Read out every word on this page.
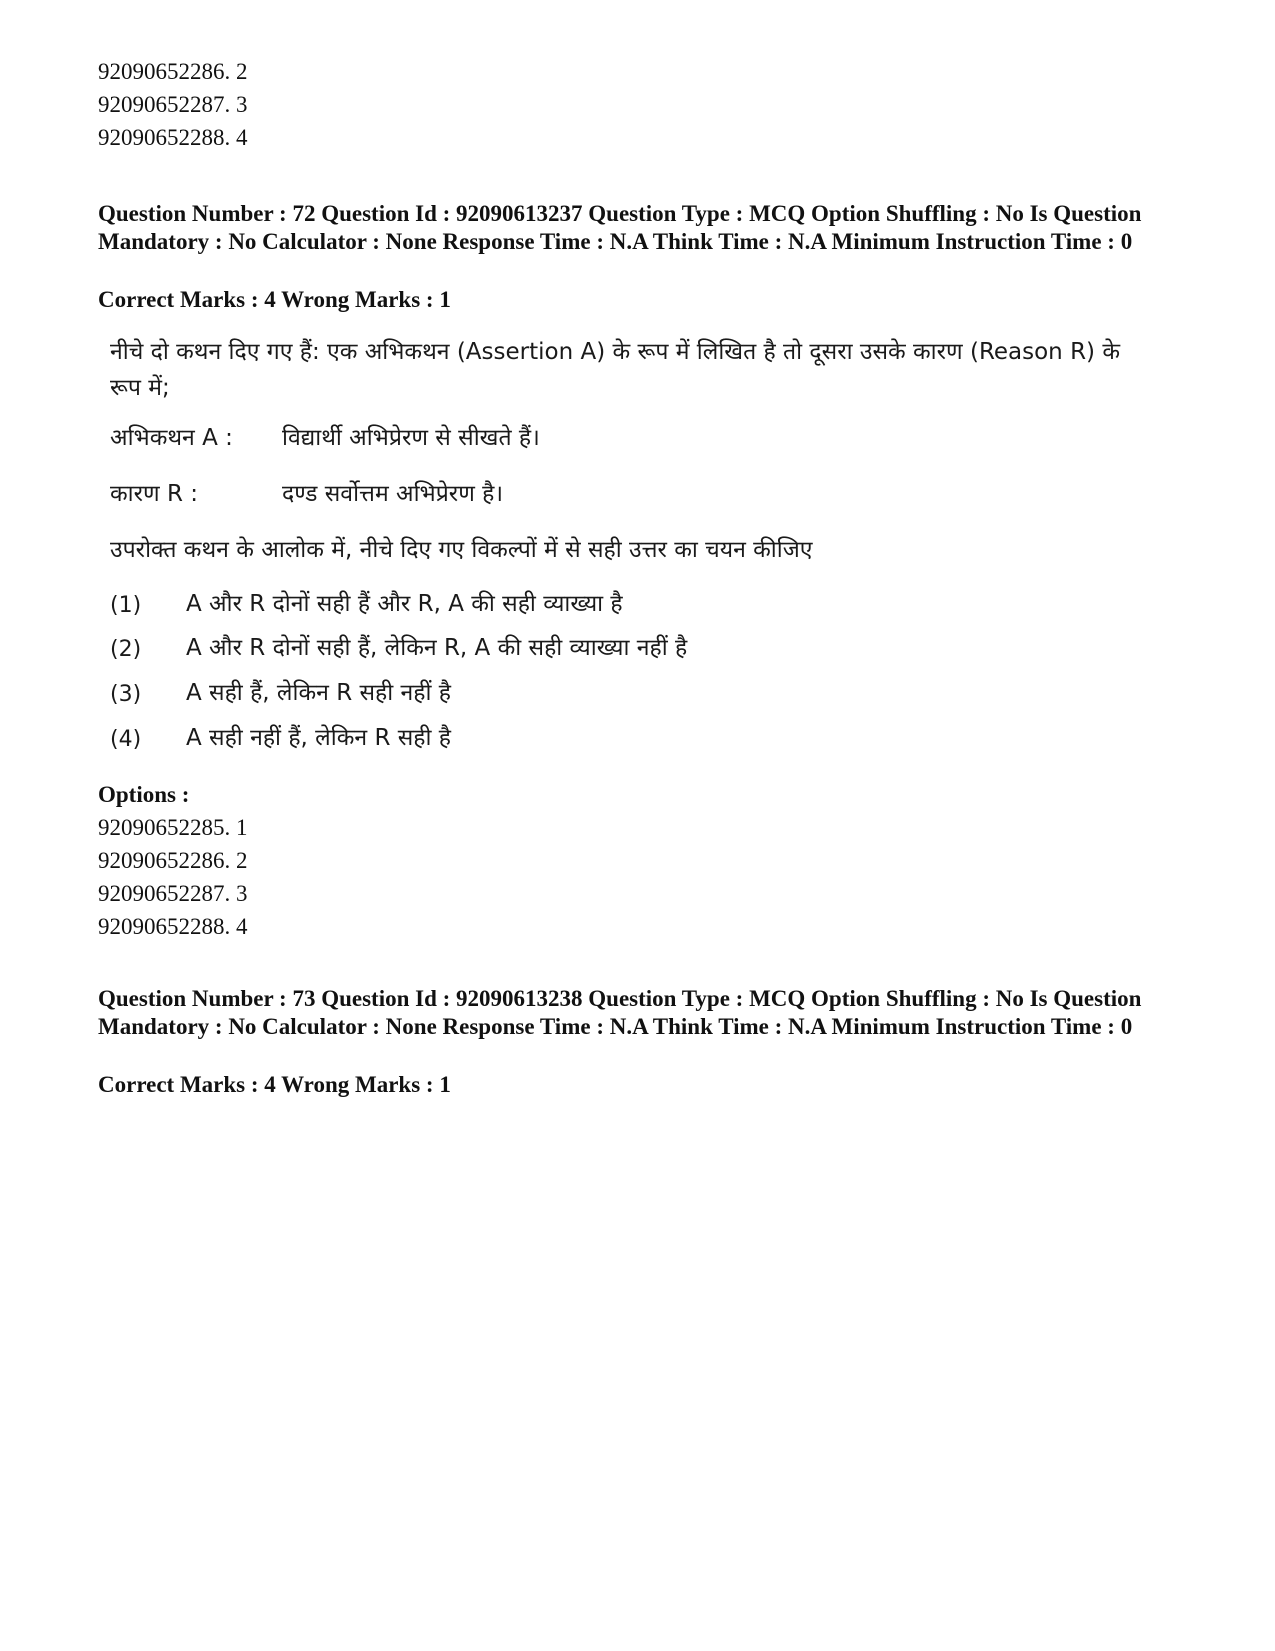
92090652286. 2
92090652287. 3
92090652288. 4
Question Number : 72 Question Id : 92090613237 Question Type : MCQ Option Shuffling : No Is Question Mandatory : No Calculator : None Response Time : N.A Think Time : N.A Minimum Instruction Time : 0
Correct Marks : 4 Wrong Marks : 1
नीचे दो कथन दिए गए हैं: एक अभिकथन (Assertion A) के रूप में लिखित है तो दूसरा उसके कारण (Reason R) के रूप में;
अभिकथन A : विद्यार्थी अभिप्रेरण से सीखते हैं।
कारण R :	दण्ड सर्वोत्तम अभिप्रेरण है।
उपरोक्त कथन के आलोक में, नीचे दिए गए विकल्पों में से सही उत्तर का चयन कीजिए
(1) A और R दोनों सही हैं और R, A की सही व्याख्या है
(2) A और R दोनों सही हैं, लेकिन R, A की सही व्याख्या नहीं है
(3) A सही हैं, लेकिन R सही नहीं है
(4) A सही नहीं हैं, लेकिन R सही है
Options :
92090652285. 1
92090652286. 2
92090652287. 3
92090652288. 4
Question Number : 73 Question Id : 92090613238 Question Type : MCQ Option Shuffling : No Is Question Mandatory : No Calculator : None Response Time : N.A Think Time : N.A Minimum Instruction Time : 0
Correct Marks : 4 Wrong Marks : 1
